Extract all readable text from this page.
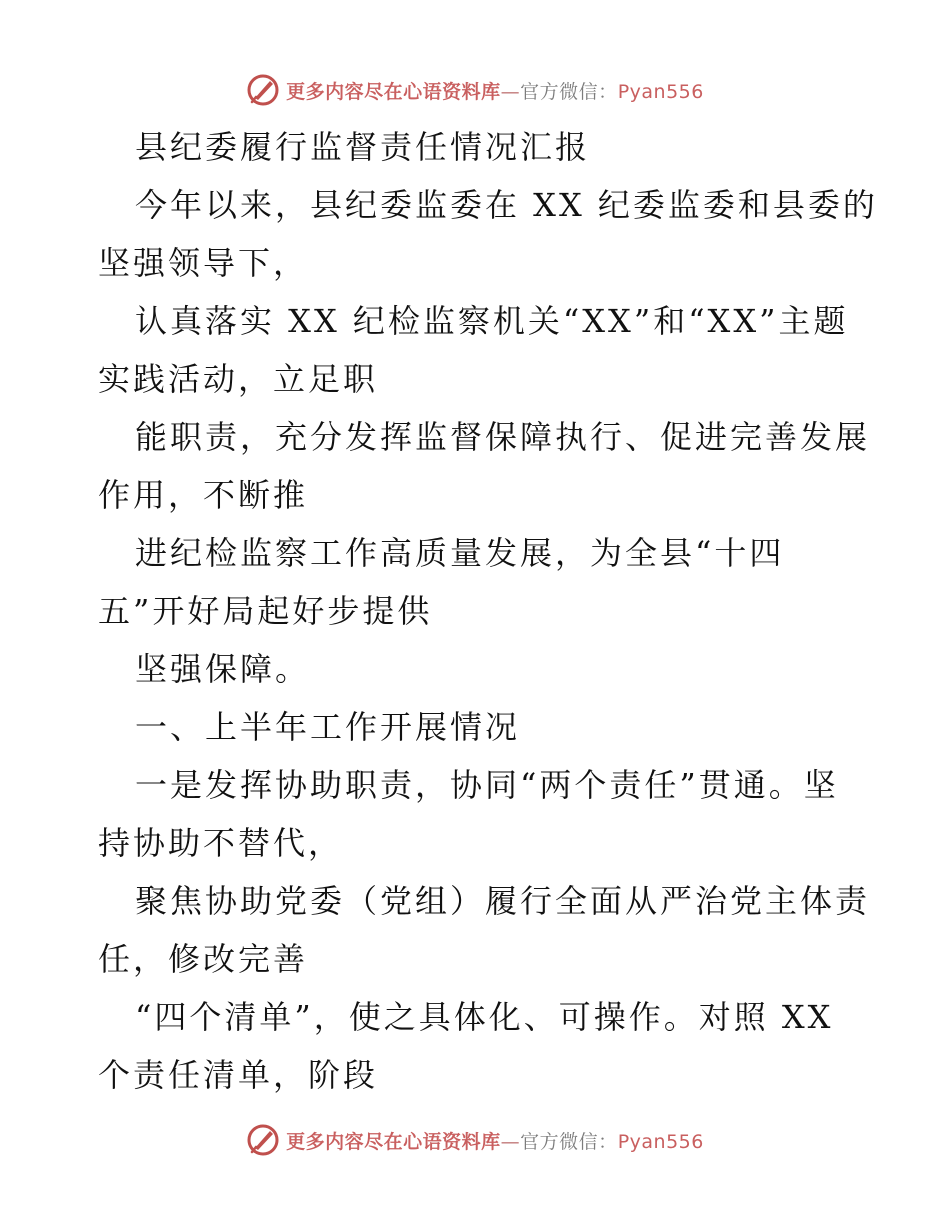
更多内容尽在心语资料库—官方微信：Pyan556
县纪委履行监督责任情况汇报
今年以来，县纪委监委在 XX 纪委监委和县委的
坚强领导下，
认真落实 XX 纪检监察机关“XX”和“XX”主题
实践活动，立足职
能职责，充分发挥监督保障执行、促进完善发展
作用，不断推
进纪检监察工作高质量发展，为全县“十四
五”开好局起好步提供
坚强保障。
一、上半年工作开展情况
一是发挥协助职责，协同“两个责任”贯通。坚
持协助不替代，
聚焦协助党委（党组）履行全面从严治党主体责
任，修改完善
“四个清单”，使之具体化、可操作。对照 XX
个责任清单，阶段
更多内容尽在心语资料库—官方微信：Pyan556
